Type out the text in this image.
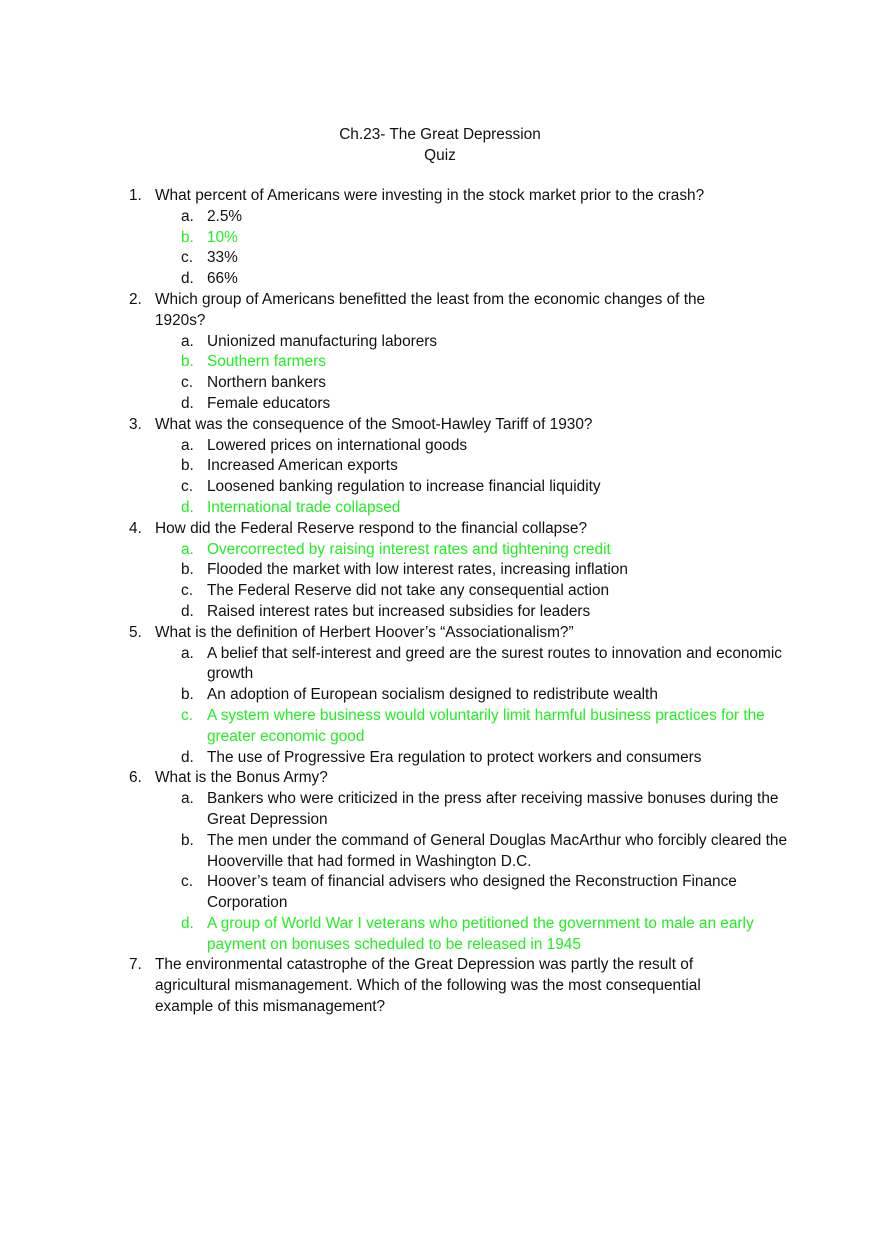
Ch.23- The Great Depression
Quiz
1. What percent of Americans were investing in the stock market prior to the crash?
a. 2.5%
b. 10%
c. 33%
d. 66%
2. Which group of Americans benefitted the least from the economic changes of the 1920s?
a. Unionized manufacturing laborers
b. Southern farmers
c. Northern bankers
d. Female educators
3. What was the consequence of the Smoot-Hawley Tariff of 1930?
a. Lowered prices on international goods
b. Increased American exports
c. Loosened banking regulation to increase financial liquidity
d. International trade collapsed
4. How did the Federal Reserve respond to the financial collapse?
a. Overcorrected by raising interest rates and tightening credit
b. Flooded the market with low interest rates, increasing inflation
c. The Federal Reserve did not take any consequential action
d. Raised interest rates but increased subsidies for leaders
5. What is the definition of Herbert Hoover’s “Associationalism?”
a. A belief that self-interest and greed are the surest routes to innovation and economic growth
b. An adoption of European socialism designed to redistribute wealth
c. A system where business would voluntarily limit harmful business practices for the greater economic good
d. The use of Progressive Era regulation to protect workers and consumers
6. What is the Bonus Army?
a. Bankers who were criticized in the press after receiving massive bonuses during the Great Depression
b. The men under the command of General Douglas MacArthur who forcibly cleared the Hooverville that had formed in Washington D.C.
c. Hoover’s team of financial advisers who designed the Reconstruction Finance Corporation
d. A group of World War I veterans who petitioned the government to male an early payment on bonuses scheduled to be released in 1945
7. The environmental catastrophe of the Great Depression was partly the result of agricultural mismanagement. Which of the following was the most consequential example of this mismanagement?
